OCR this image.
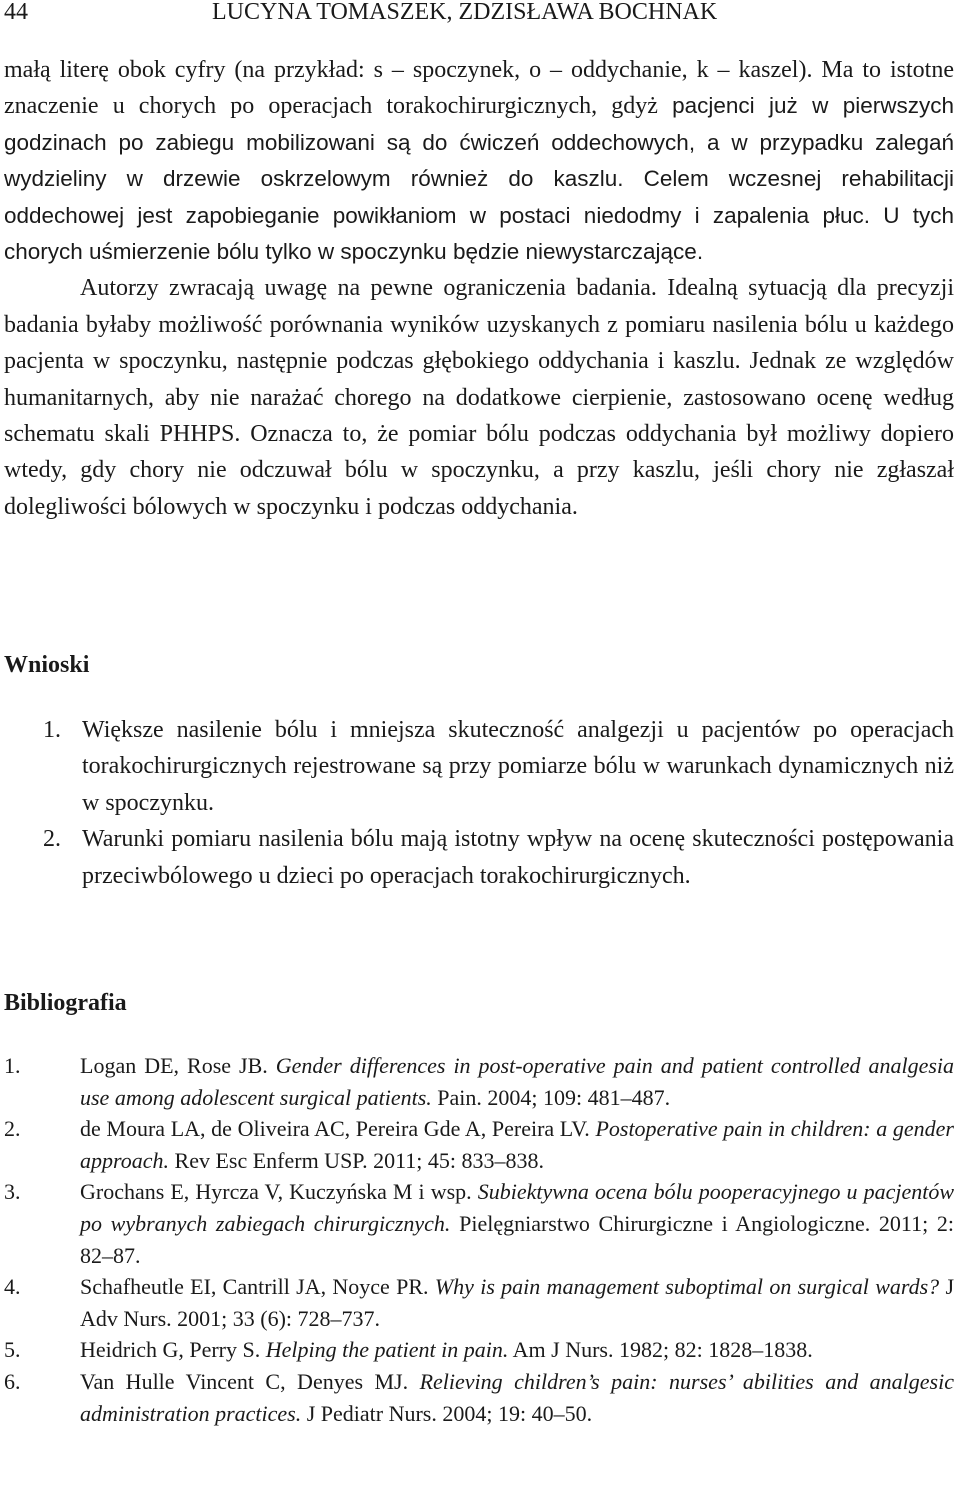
44	LUCYNA TOMASZEK, ZDZISŁAWA BOCHNAK

małą literę obok cyfry (na przykład: s – spoczynek, o – oddychanie, k – kaszel). Ma to istotne znaczenie u chorych po operacjach torakochirurgicznych, gdyż pacjenci już w pierwszych godzinach po zabiegu mobilizowani są do ćwiczeń oddechowych, a w przypadku zalegań wydzieliny w drzewie oskrzelowym również do kaszlu. Celem wczesnej rehabilitacji oddechowej jest zapobieganie powikłaniom w postaci niedodmy i zapalenia płuc. U tych chorych uśmierzenie bólu tylko w spoczynku będzie niewystarczające.

Autorzy zwracają uwagę na pewne ograniczenia badania. Idealną sytuacją dla precyzji badania byłaby możliwość porównania wyników uzyskanych z pomiaru nasilenia bólu u każdego pacjenta w spoczynku, następnie podczas głębokiego oddychania i kaszlu. Jednak ze względów humanitarnych, aby nie narażać chorego na dodatkowe cierpienie, zastosowano ocenę według schematu skali PHHPS. Oznacza to, że pomiar bólu podczas oddychania był możliwy dopiero wtedy, gdy chory nie odczuwał bólu w spoczynku, a przy kaszlu, jeśli chory nie zgłaszał dolegliwości bólowych w spoczynku i podczas oddychania.

Wnioski
1. Większe nasilenie bólu i mniejsza skuteczność analgezji u pacjentów po operacjach torakochirurgicznych rejestrowane są przy pomiarze bólu w warunkach dynamicznych niż w spoczynku.
2. Warunki pomiaru nasilenia bólu mają istotny wpływ na ocenę skuteczności postępowania przeciwbólowego u dzieci po operacjach torakochirurgicznych.
Bibliografia
1.	Logan DE, Rose JB. Gender differences in post-operative pain and patient controlled analgesia use among adolescent surgical patients. Pain. 2004; 109: 481–487.
2.	de Moura LA, de Oliveira AC, Pereira Gde A, Pereira LV. Postoperative pain in children: a gender approach. Rev Esc Enferm USP. 2011; 45: 833–838.
3.	Grochans E, Hyrcza V, Kuczyńska M i wsp. Subiektywna ocena bólu pooperacyjnego u pacjentów po wybranych zabiegach chirurgicznych. Pielęgniarstwo Chirurgiczne i Angiologiczne. 2011; 2: 82–87.
4.	Schafheutle EI, Cantrill JA, Noyce PR. Why is pain management suboptimal on surgical wards? J Adv Nurs. 2001; 33 (6): 728–737.
5.	Heidrich G, Perry S. Helping the patient in pain. Am J Nurs. 1982; 82: 1828–1838.
6.	Van Hulle Vincent C, Denyes MJ. Relieving children’s pain: nurses’ abilities and analgesic administration practices. J Pediatr Nurs. 2004; 19: 40–50.
